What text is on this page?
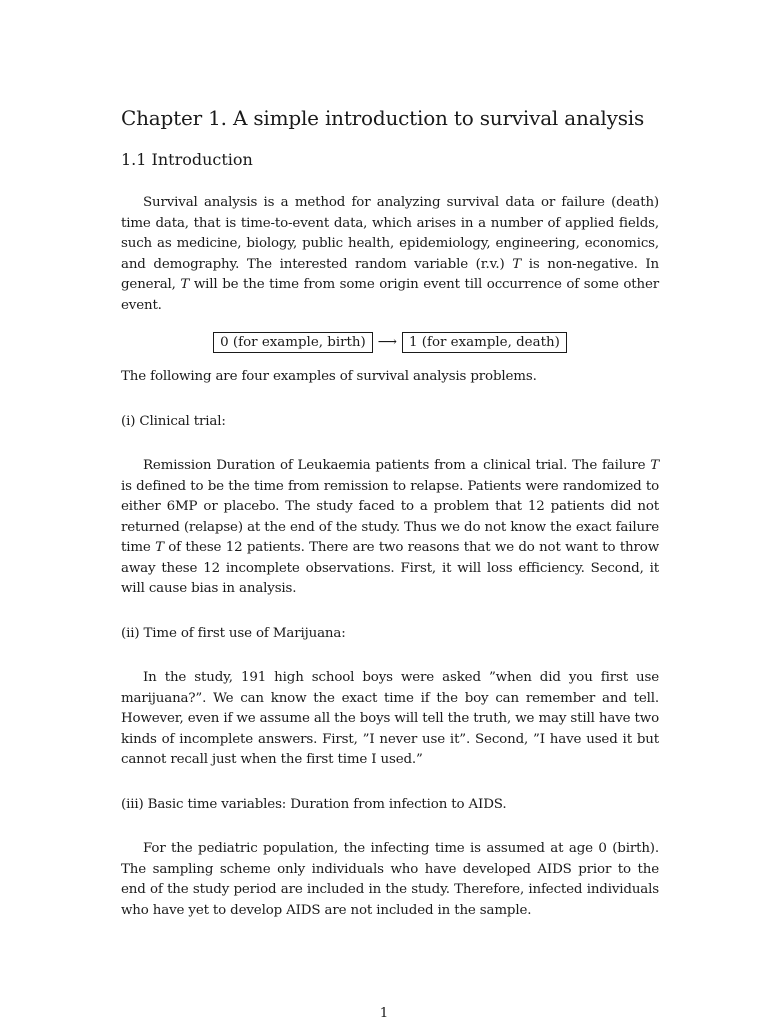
Chapter 1. A simple introduction to survival analysis
1.1 Introduction

Survival analysis is a method for analyzing survival data or failure (death) time data, that is time-to-event data, which arises in a number of applied fields, such as medicine, biology, public health, epidemiology, engineering, economics, and demography. The interested random variable (r.v.) T is non-negative. In general, T will be the time from some origin event till occurrence of some other event.

0 (for example, birth) ⟶ 1 (for example, death)

The following are four examples of survival analysis problems.

(i) Clinical trial:

Remission Duration of Leukaemia patients from a clinical trial. The failure T is defined to be the time from remission to relapse. Patients were randomized to either 6MP or placebo. The study faced to a problem that 12 patients did not returned (relapse) at the end of the study. Thus we do not know the exact failure time T of these 12 patients. There are two reasons that we do not want to throw away these 12 incomplete observations. First, it will loss efficiency. Second, it will cause bias in analysis.

(ii) Time of first use of Marijuana:

In the study, 191 high school boys were asked ”when did you first use marijuana?”. We can know the exact time if the boy can remember and tell. However, even if we assume all the boys will tell the truth, we may still have two kinds of incomplete answers. First, ”I never use it”. Second, ”I have used it but cannot recall just when the first time I used.”

(iii) Basic time variables: Duration from infection to AIDS.

For the pediatric population, the infecting time is assumed at age 0 (birth). The sampling scheme only individuals who have developed AIDS prior to the end of the study period are included in the study. Therefore, infected individuals who have yet to develop AIDS are not included in the sample.

1
